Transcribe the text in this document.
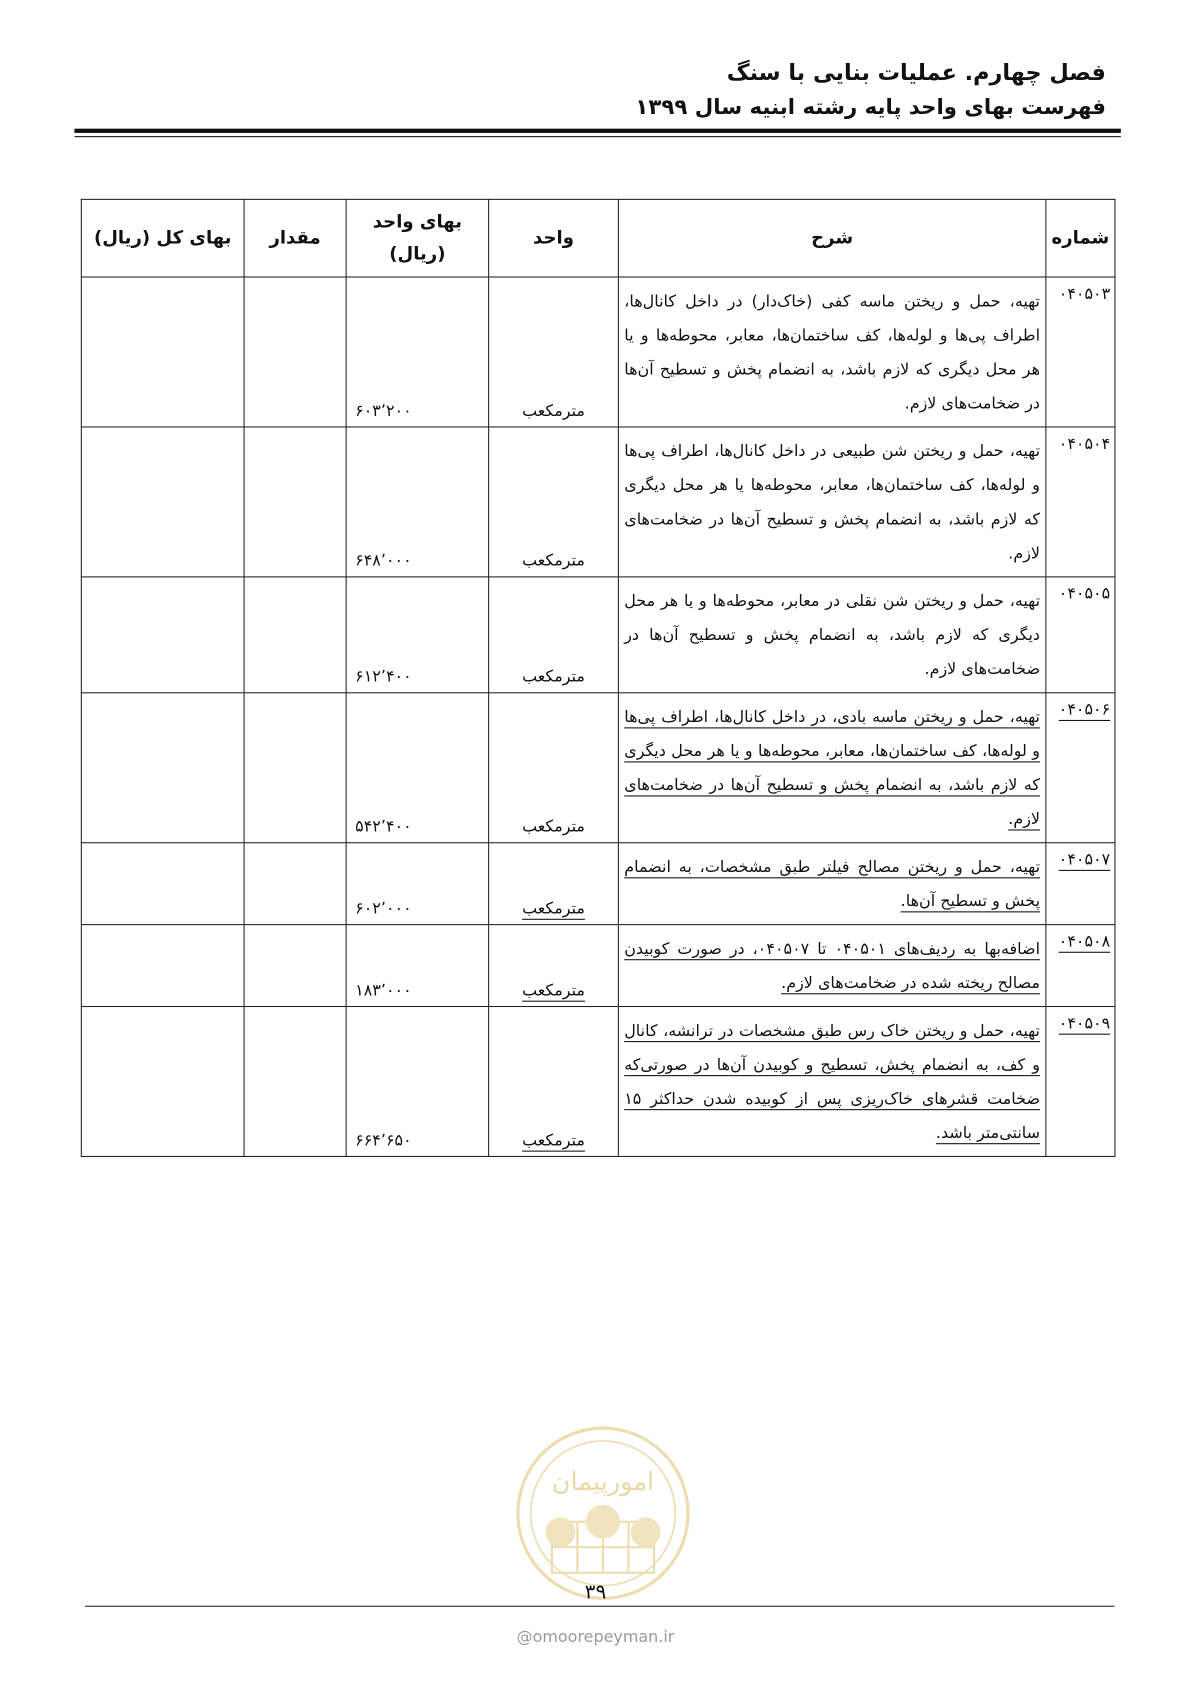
فصل چهارم. عملیات بنایی با سنگ
فهرست بهای واحد پایه رشته ابنیه سال ۱۳۹۹
شماره	شرح	واحد	بهای واحد
(ریال)	مقدار	بهای کل (ریال)
۰۴۰۵۰۳	تهیه، حمل و ریختن ماسه کفی (خاک‌دار) در داخل کانال‌ها، اطراف پی‌ها و لوله‌ها، کف ساختمان‌ها، معابر، محوطه‌ها و یا هر محل دیگری که لازم باشد، به انضمام پخش و تسطیح آن‌ها در ضخامت‌های لازم.	مترمکعب	۶۰۳٬۲۰۰		
۰۴۰۵۰۴	تهیه، حمل و ریختن شن طبیعی در داخل کانال‌ها، اطراف پی‌ها و لوله‌ها، کف ساختمان‌ها، معابر، محوطه‌ها یا هر محل دیگری که لازم باشد، به انضمام پخش و تسطیح آن‌ها در ضخامت‌های لازم.	مترمکعب	۶۴۸٬۰۰۰		
۰۴۰۵۰۵	تهیه، حمل و ریختن شن نقلی در معابر، محوطه‌ها و یا هر محل دیگری که لازم باشد، به انضمام پخش و تسطیح آن‌ها در ضخامت‌های لازم.	مترمکعب	۶۱۲٬۴۰۰		
۰۴۰۵۰۶	تهیه، حمل و ریختن ماسه بادی، در داخل کانال‌ها، اطراف پی‌ها و لوله‌ها، کف ساختمان‌ها، معابر، محوطه‌ها و یا هر محل دیگری که لازم باشد، به انضمام پخش و تسطیح آن‌ها در ضخامت‌های لازم.	مترمکعب	۵۴۲٬۴۰۰		
۰۴۰۵۰۷	تهیه، حمل و ریختن مصالح فیلتر طبق مشخصات، به انضمام پخش و تسطیح آن‌ها.	مترمکعب	۶۰۲٬۰۰۰		
۰۴۰۵۰۸	اضافه‌بها به ردیف‌های ۰۴۰۵۰۱ تا ۰۴۰۵۰۷، در صورت کوبیدن مصالح ریخته شده در ضخامت‌های لازم.	مترمکعب	۱۸۳٬۰۰۰		
۰۴۰۵۰۹	تهیه، حمل و ریختن خاک رس طبق مشخصات در ترانشه، کانال و کف، به انضمام پخش، تسطیح و کوبیدن آن‌ها در صورتی‌که ضخامت قشرهای خاک‌ریزی پس از کوبیده شدن حداکثر ۱۵ سانتی‌متر باشد.	مترمکعب	۶۶۴٬۶۵۰		
امورپیمان
۳۹
@omoorepeyman.ir
